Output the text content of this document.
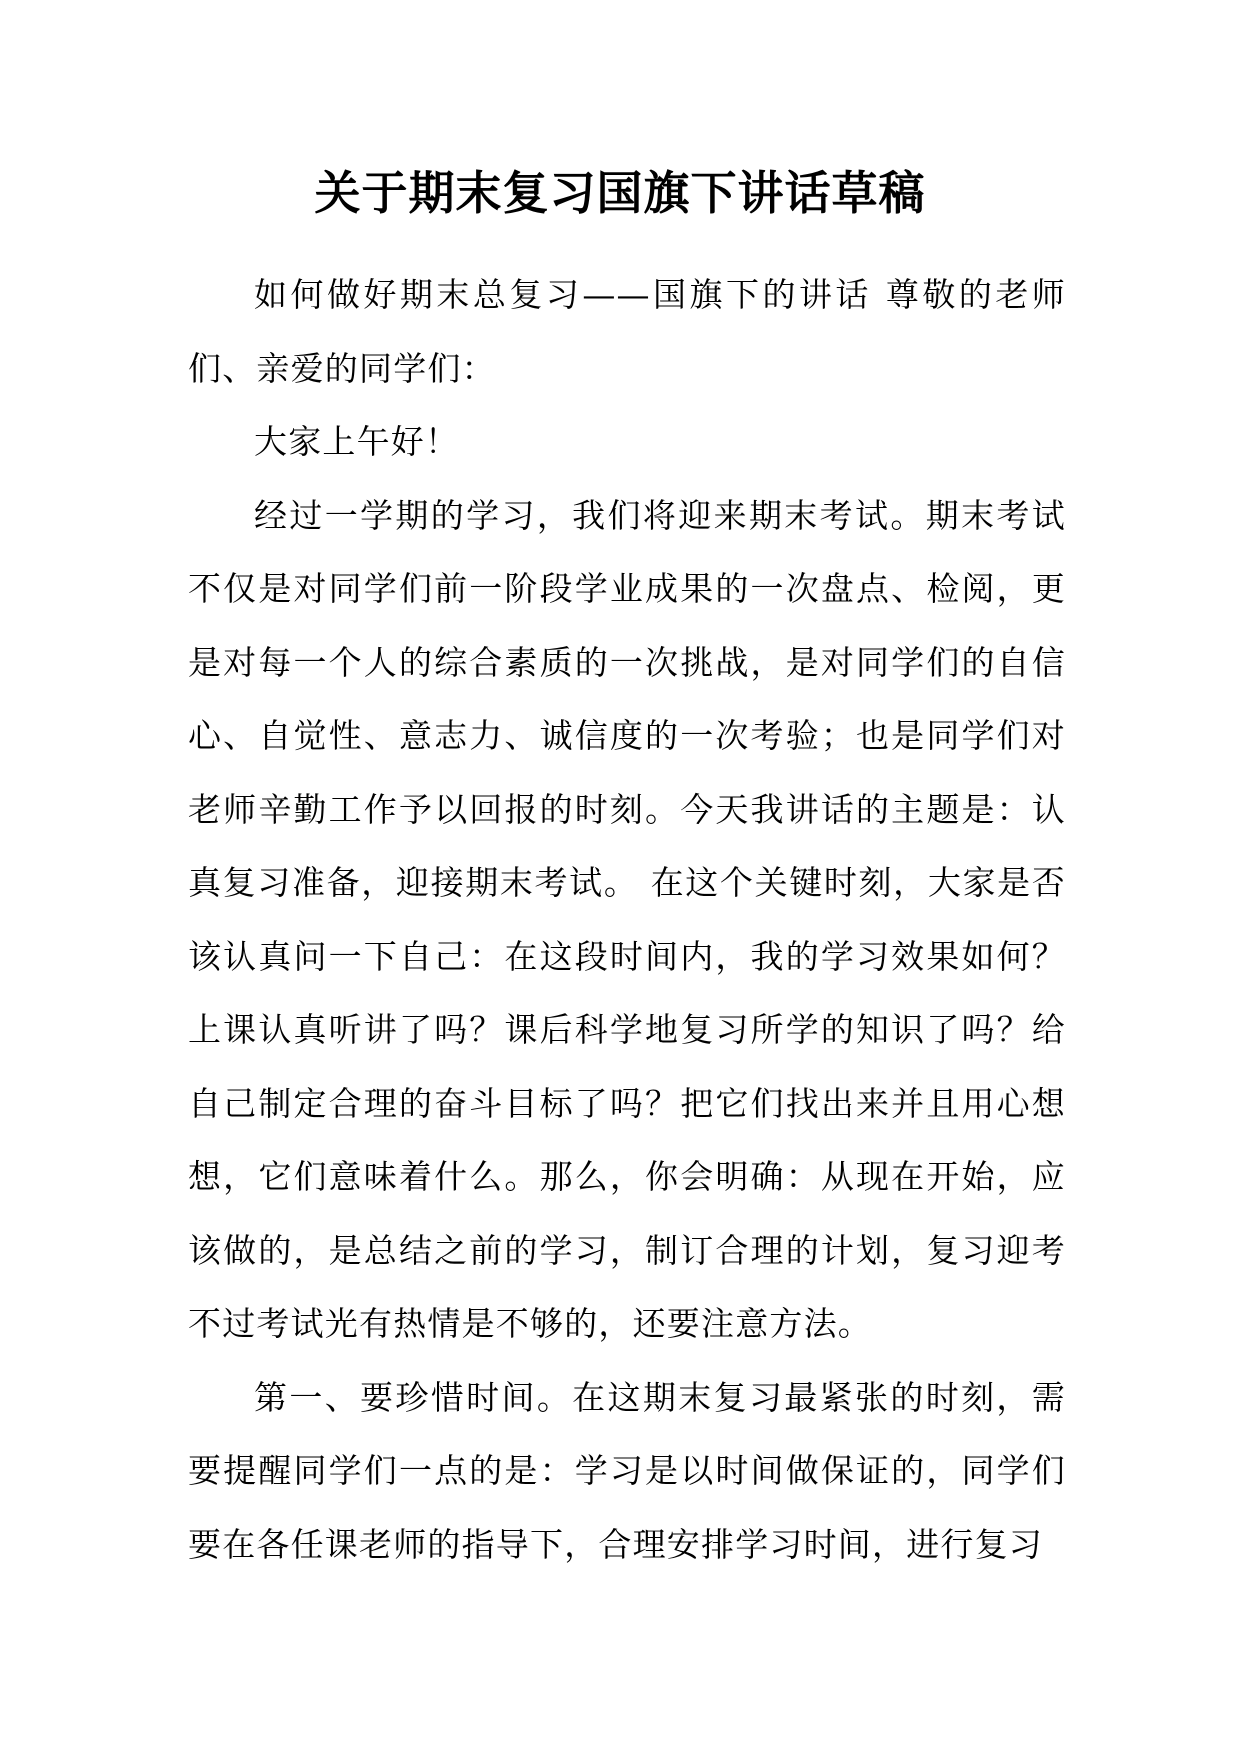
关于期末复习国旗下讲话草稿

如何做好期末总复习——国旗下的讲话 尊敬的老师们、亲爱的同学们：

大家上午好！

经过一学期的学习，我们将迎来期末考试。期末考试不仅是对同学们前一阶段学业成果的一次盘点、检阅，更是对每一个人的综合素质的一次挑战，是对同学们的自信心、自觉性、意志力、诚信度的一次考验；也是同学们对老师辛勤工作予以回报的时刻。今天我讲话的主题是：认真复习准备，迎接期末考试。 在这个关键时刻，大家是否该认真问一下自己：在这段时间内，我的学习效果如何？上课认真听讲了吗？课后科学地复习所学的知识了吗？给自己制定合理的奋斗目标了吗？把它们找出来并且用心想想，它们意味着什么。那么，你会明确：从现在开始，应该做的，是总结之前的学习，制订合理的计划，复习迎考不过考试光有热情是不够的，还要注意方法。

第一、要珍惜时间。在这期末复习最紧张的时刻，需要提醒同学们一点的是：学习是以时间做保证的，同学们要在各任课老师的指导下，合理安排学习时间，进行复习
